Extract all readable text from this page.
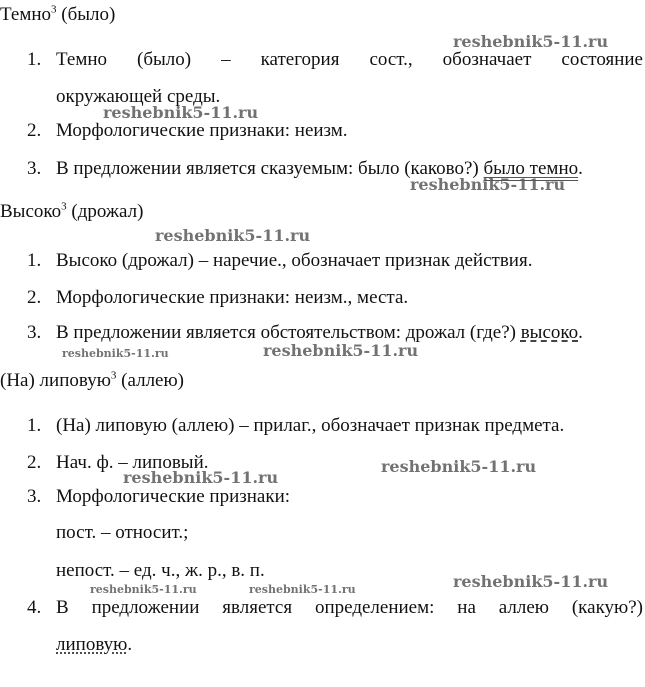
Темно$^3$ (было)
1. Темно (было) – категория сост., обозначает состояние
окружающей среды.
2. Морфологические признаки: неизм.
3. В предложении является сказуемым: было (каково?) было темно.
Высоко$^3$ (дрожал)
1. Высоко (дрожал) – наречие., обозначает признак действия.
2. Морфологические признаки: неизм., места.
3. В предложении является обстоятельством: дрожал (где?) высоко.
(На) липовую$^3$ (аллею)
1. (На) липовую (аллею) – прилаг., обозначает признак предмета.
2. Нач. ф. – липовый.
3. Морфологические признаки:
пост. – относит.;
непост. – ед. ч., ж. р., в. п.
4. В предложении является определением: на аллею (какую?)
липовую.
reshebnik5-11.ru
reshebnik5-11.ru
reshebnik5-11.ru
reshebnik5-11.ru
reshebnik5-11.ru	reshebnik5-11.ru
reshebnik5-11.ru
reshebnik5-11.ru
reshebnik5-11.ru
reshebnik5-11.ru	reshebnik5-11.ru
